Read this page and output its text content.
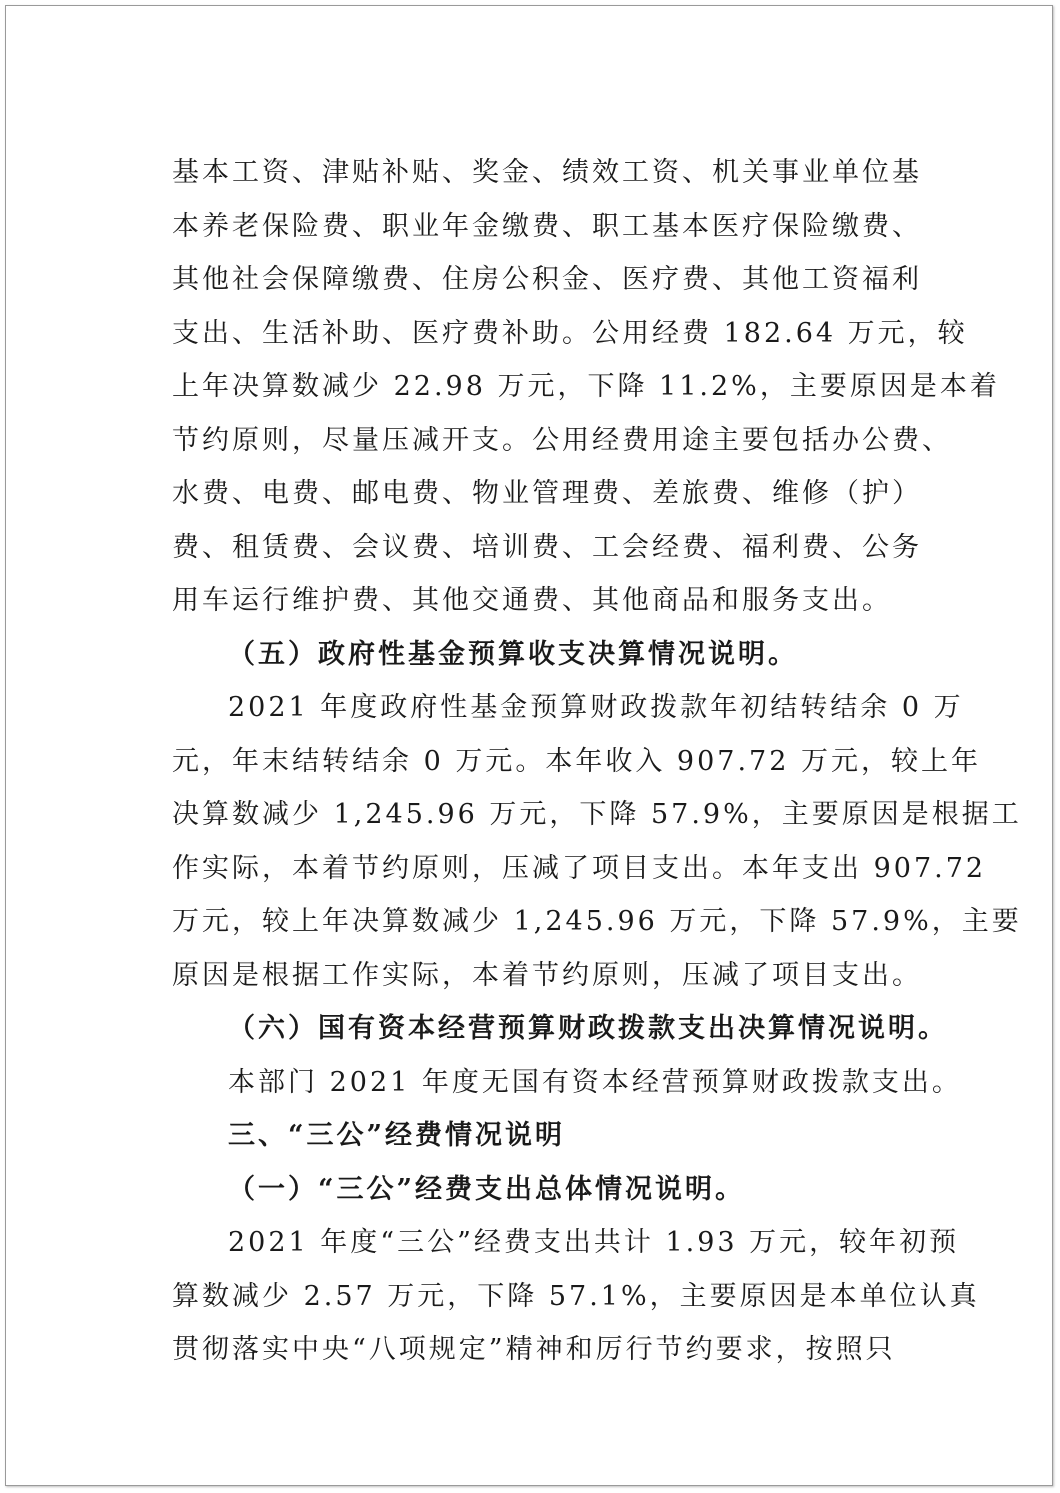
基本工资、津贴补贴、奖金、绩效工资、机关事业单位基
本养老保险费、职业年金缴费、职工基本医疗保险缴费、
其他社会保障缴费、住房公积金、医疗费、其他工资福利
支出、生活补助、医疗费补助。公用经费 182.64 万元，较
上年决算数减少 22.98 万元，下降 11.2%，主要原因是本着
节约原则，尽量压减开支。公用经费用途主要包括办公费、
水费、电费、邮电费、物业管理费、差旅费、维修（护）
费、租赁费、会议费、培训费、工会经费、福利费、公务
用车运行维护费、其他交通费、其他商品和服务支出。
（五）政府性基金预算收支决算情况说明。
2021 年度政府性基金预算财政拨款年初结转结余 0 万
元，年末结转结余 0 万元。本年收入 907.72 万元，较上年
决算数减少 1,245.96 万元，下降 57.9%，主要原因是根据工
作实际，本着节约原则，压减了项目支出。本年支出 907.72
万元，较上年决算数减少 1,245.96 万元，下降 57.9%，主要
原因是根据工作实际，本着节约原则，压减了项目支出。
（六）国有资本经营预算财政拨款支出决算情况说明。
本部门 2021 年度无国有资本经营预算财政拨款支出。
三、“三公”经费情况说明
（一）“三公”经费支出总体情况说明。
2021 年度“三公”经费支出共计 1.93 万元，较年初预
算数减少 2.57 万元，下降 57.1%，主要原因是本单位认真
贯彻落实中央“八项规定”精神和厉行节约要求，按照只
